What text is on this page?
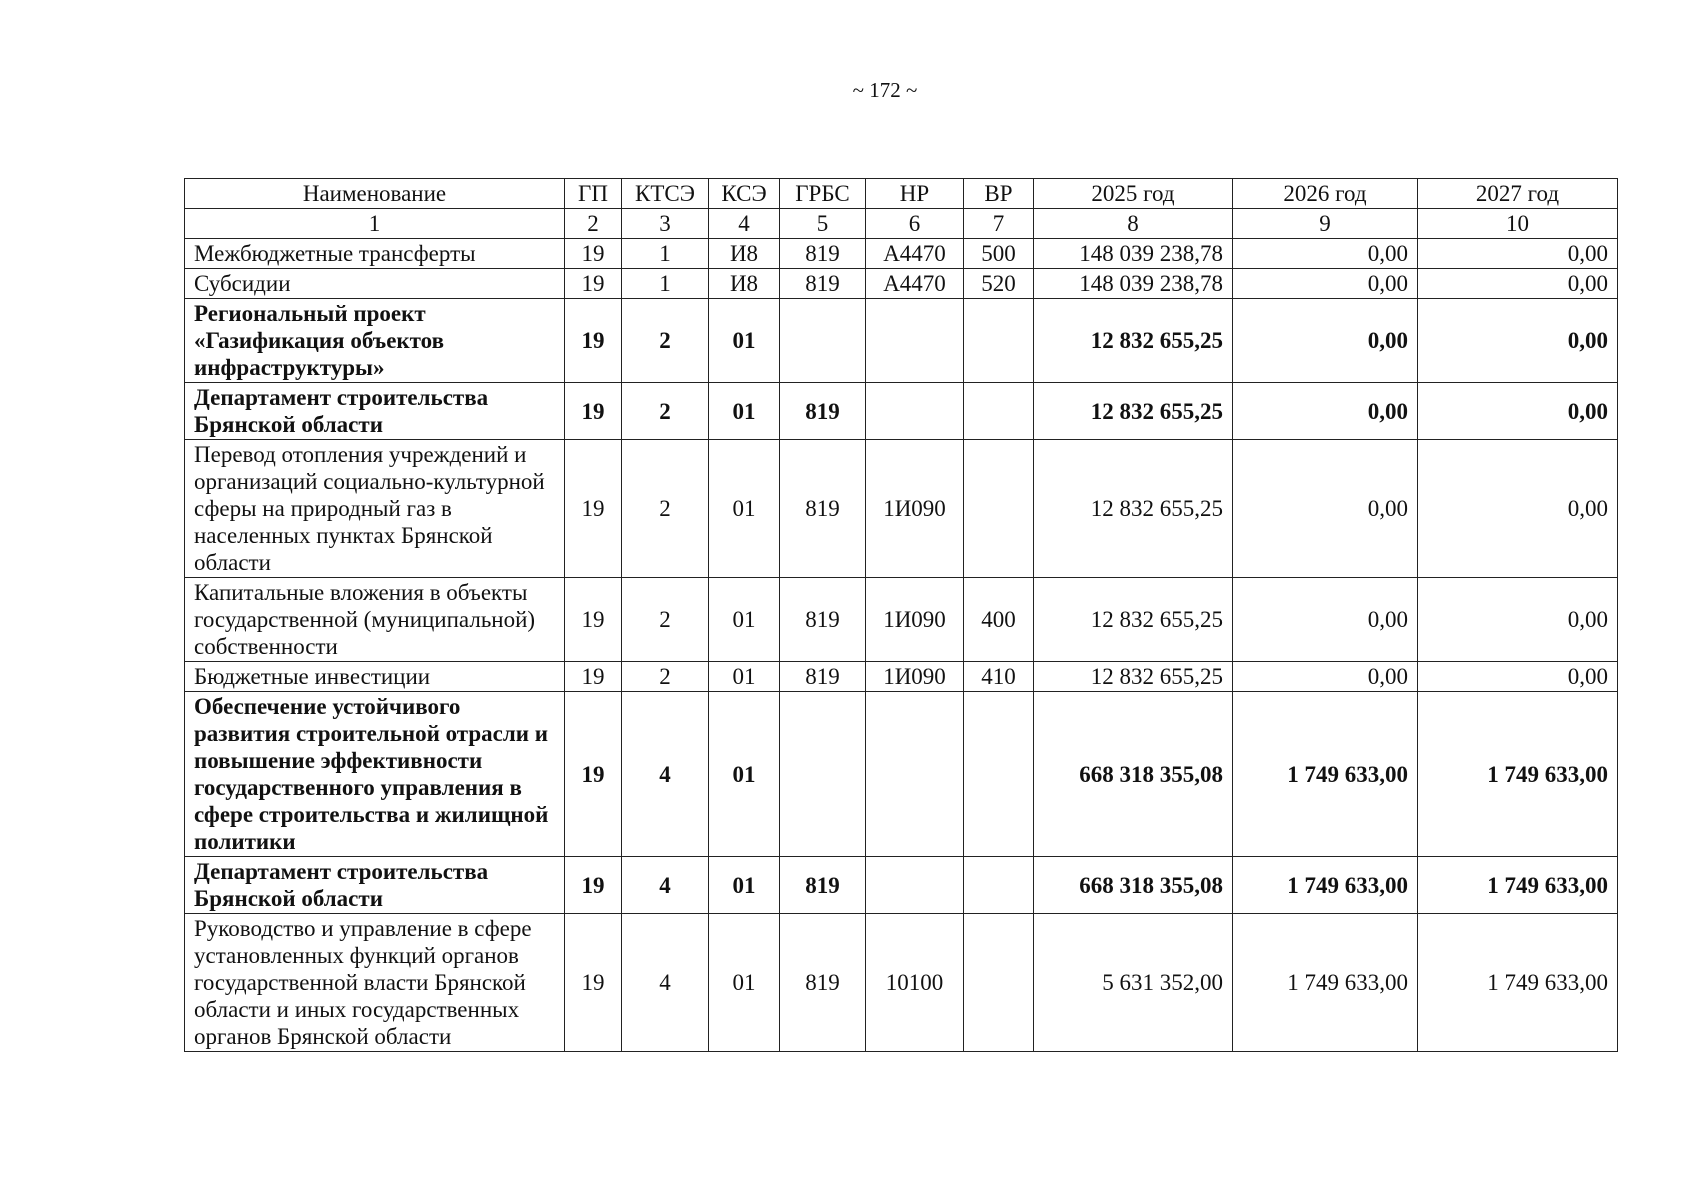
~ 172 ~
Наименование	ГП	КТСЭ	КСЭ	ГРБС	НР	ВР	2025 год	2026 год	2027 год
1	2	3	4	5	6	7	8	9	10
Межбюджетные трансферты	19	1	И8	819	А4470	500	148 039 238,78	0,00	0,00
Субсидии	19	1	И8	819	А4470	520	148 039 238,78	0,00	0,00
Региональный проект «Газификация объектов инфраструктуры»	19	2	01				12 832 655,25	0,00	0,00
Департамент строительства Брянской области	19	2	01	819			12 832 655,25	0,00	0,00
Перевод отопления учреждений и организаций социально-культурной сферы на природный газ в населенных пунктах Брянской области	19	2	01	819	1И090		12 832 655,25	0,00	0,00
Капитальные вложения в объекты государственной (муниципальной) собственности	19	2	01	819	1И090	400	12 832 655,25	0,00	0,00
Бюджетные инвестиции	19	2	01	819	1И090	410	12 832 655,25	0,00	0,00
Обеспечение устойчивого развития строительной отрасли и повышение эффективности государственного управления в сфере строительства и жилищной политики	19	4	01				668 318 355,08	1 749 633,00	1 749 633,00
Департамент строительства Брянской области	19	4	01	819			668 318 355,08	1 749 633,00	1 749 633,00
Руководство и управление в сфере установленных функций органов государственной власти Брянской области и иных государственных органов Брянской области	19	4	01	819	10100		5 631 352,00	1 749 633,00	1 749 633,00
